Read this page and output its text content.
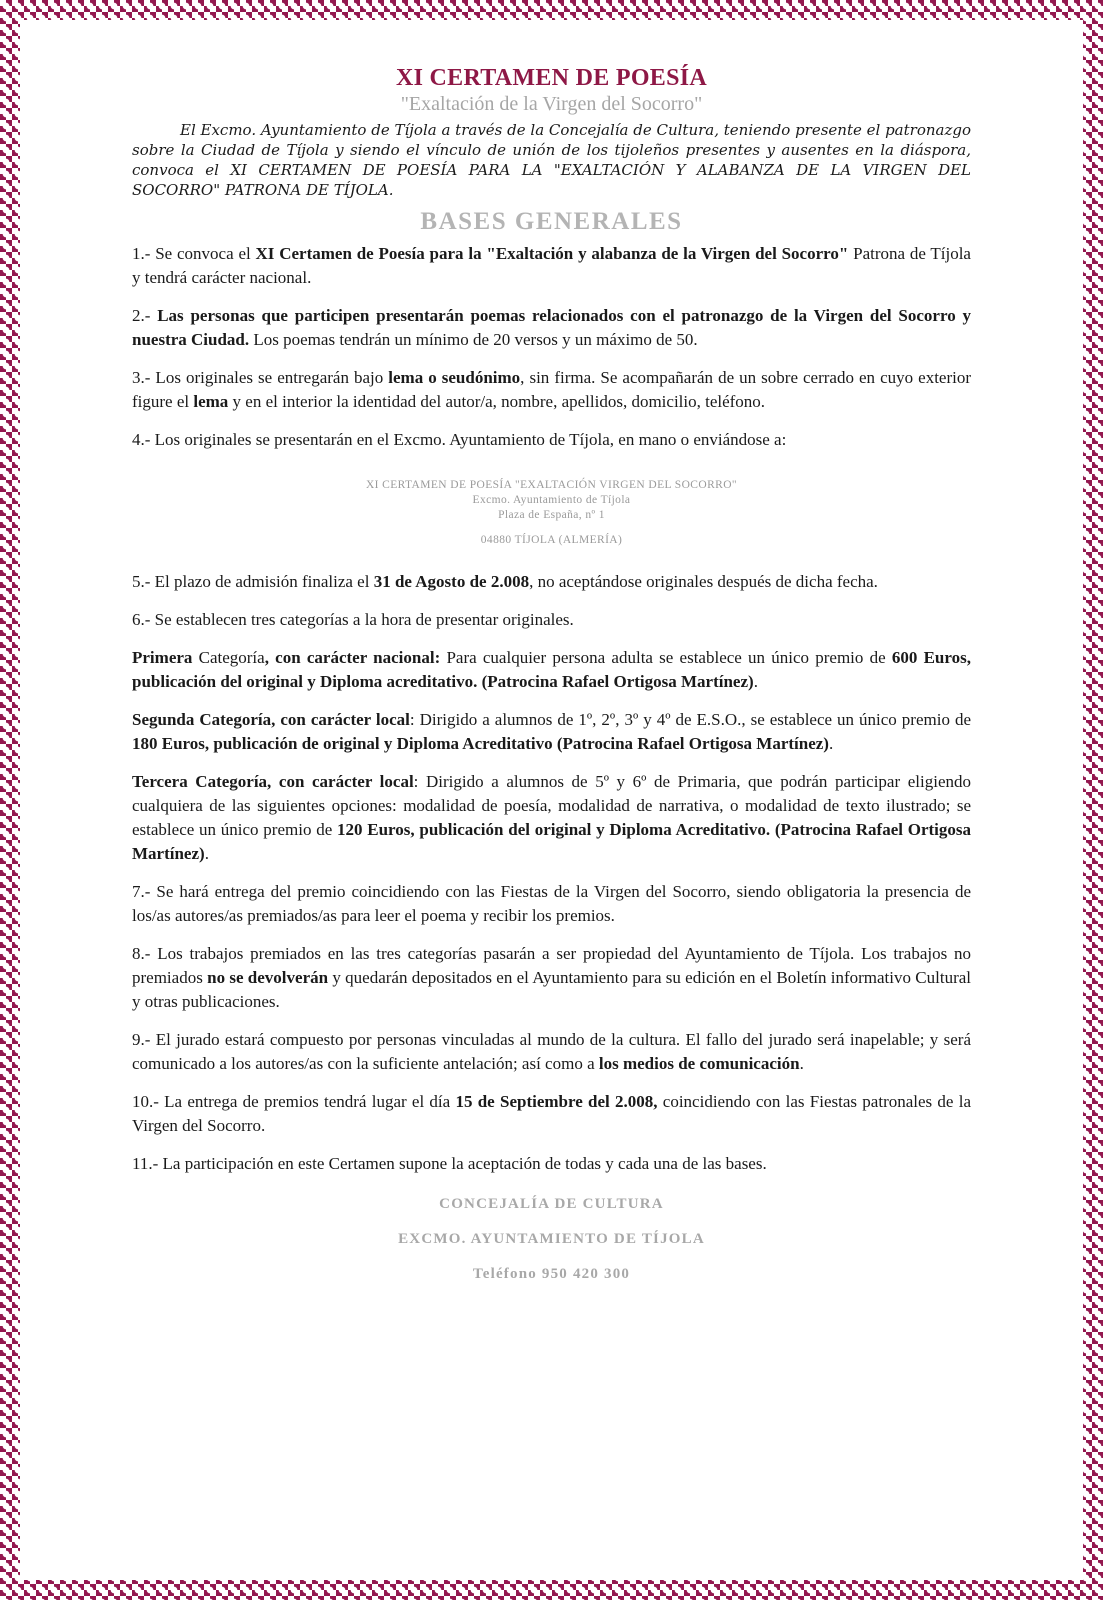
XI CERTAMEN DE POESÍA

"Exaltación de la Virgen del Socorro"

El Excmo. Ayuntamiento de Tíjola a través de la Concejalía de Cultura, teniendo presente el patronazgo sobre la Ciudad de Tíjola y siendo el vínculo de unión de los tijoleños presentes y ausentes en la diáspora, convoca el XI CERTAMEN DE POESÍA PARA LA "EXALTACIÓN Y ALABANZA DE LA VIRGEN DEL SOCORRO" PATRONA DE TÍJOLA.

BASES GENERALES

1.- Se convoca el XI Certamen de Poesía para la "Exaltación y alabanza de la Virgen del Socorro" Patrona de Tíjola y tendrá carácter nacional.

2.- Las personas que participen presentarán poemas relacionados con el patronazgo de la Virgen del Socorro y nuestra Ciudad. Los poemas tendrán un mínimo de 20 versos y un máximo de 50.

3.- Los originales se entregarán bajo lema o seudónimo, sin firma. Se acompañarán de un sobre cerrado en cuyo exterior figure el lema y en el interior la identidad del autor/a, nombre, apellidos, domicilio, teléfono.

4.- Los originales se presentarán en el Excmo. Ayuntamiento de Tíjola, en mano o enviándose a:

XI CERTAMEN DE POESÍA "EXALTACIÓN VIRGEN DEL SOCORRO"
Excmo. Ayuntamiento de Tíjola
Plaza de España, nº 1
04880 TÍJOLA (ALMERÍA)

5.- El plazo de admisión finaliza el 31 de Agosto de 2.008, no aceptándose originales después de dicha fecha.

6.- Se establecen tres categorías a la hora de presentar originales.

Primera Categoría, con carácter nacional: Para cualquier persona adulta se establece un único premio de 600 Euros, publicación del original y Diploma acreditativo. (Patrocina Rafael Ortigosa Martínez).

Segunda Categoría, con carácter local: Dirigido a alumnos de 1º, 2º, 3º y 4º de E.S.O., se establece un único premio de 180 Euros, publicación de original y Diploma Acreditativo (Patrocina Rafael Ortigosa Martínez).

Tercera Categoría, con carácter local: Dirigido a alumnos de 5º y 6º de Primaria, que podrán participar eligiendo cualquiera de las siguientes opciones: modalidad de poesía, modalidad de narrativa, o modalidad de texto ilustrado; se establece un único premio de 120 Euros, publicación del original y Diploma Acreditativo. (Patrocina Rafael Ortigosa Martínez).

7.- Se hará entrega del premio coincidiendo con las Fiestas de la Virgen del Socorro, siendo obligatoria la presencia de los/as autores/as premiados/as para leer el poema y recibir los premios.

8.- Los trabajos premiados en las tres categorías pasarán a ser propiedad del Ayuntamiento de Tíjola. Los trabajos no premiados no se devolverán y quedarán depositados en el Ayuntamiento para su edición en el Boletín informativo Cultural y otras publicaciones.

9.- El jurado estará compuesto por personas vinculadas al mundo de la cultura. El fallo del jurado será inapelable; y será comunicado a los autores/as con la suficiente antelación; así como a los medios de comunicación.

10.- La entrega de premios tendrá lugar el día 15 de Septiembre del 2.008, coincidiendo con las Fiestas patronales de la Virgen del Socorro.

11.- La participación en este Certamen supone la aceptación de todas y cada una de las bases.

CONCEJALÍA DE CULTURA
EXCMO. AYUNTAMIENTO DE TÍJOLA
Teléfono 950 420 300
